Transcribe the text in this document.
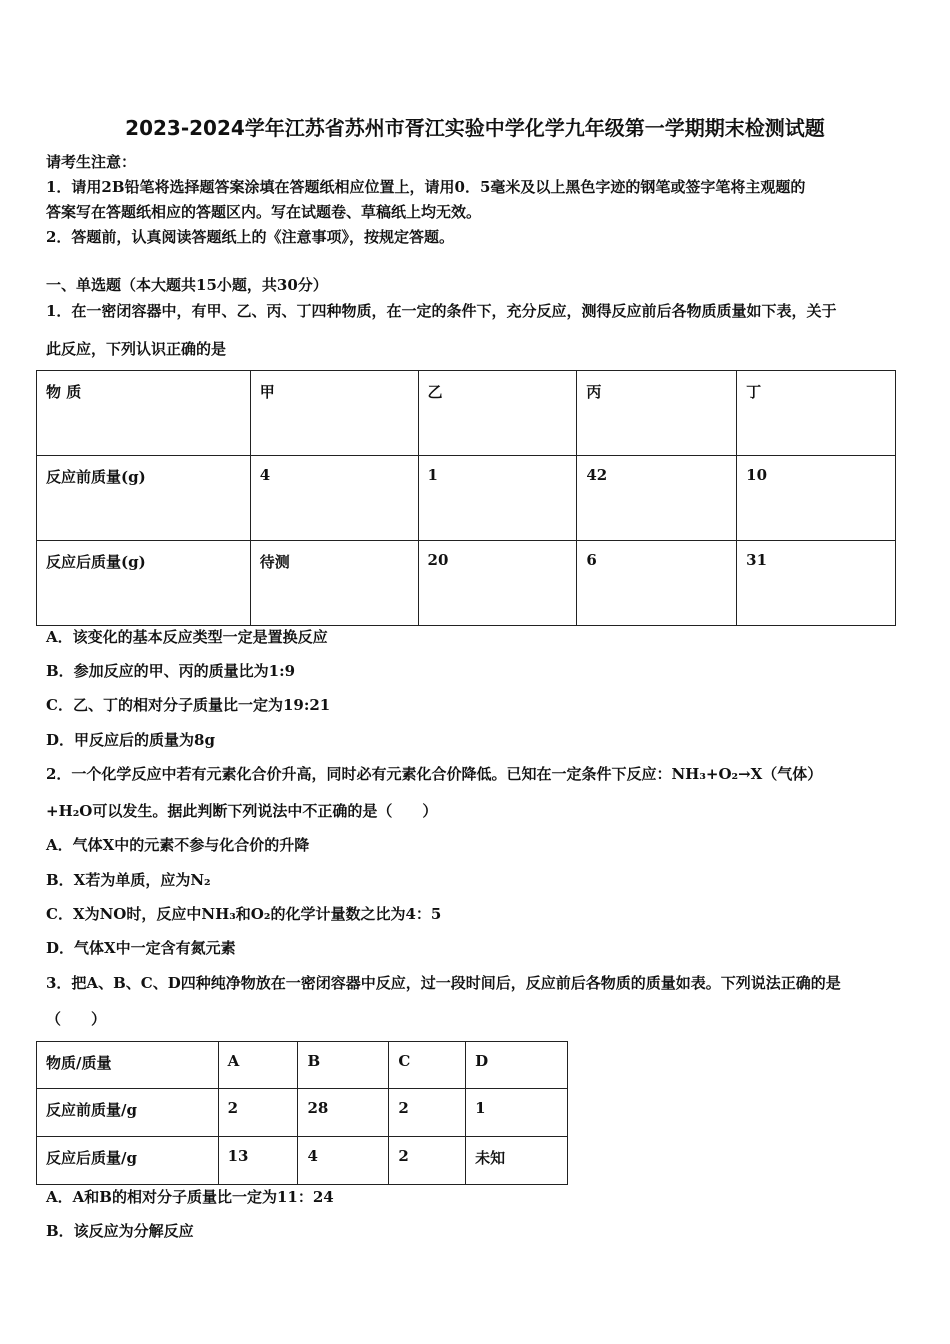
2023-2024学年江苏省苏州市胥江实验中学化学九年级第一学期期末检测试题
请考生注意：
1．请用2B铅笔将选择题答案涂填在答题纸相应位置上，请用0．5毫米及以上黑色字迹的钢笔或签字笔将主观题的
答案写在答题纸相应的答题区内。写在试题卷、草稿纸上均无效。
2．答题前，认真阅读答题纸上的《注意事项》，按规定答题。
一、单选题（本大题共15小题，共30分）
1．在一密闭容器中，有甲、乙、丙、丁四种物质，在一定的条件下，充分反应，测得反应前后各物质质量如下表，关于
此反应，下列认识正确的是
物 质	甲	乙	丙	丁
反应前质量(g)	4	1	42	10
反应后质量(g)	待测	20	6	31
A．该变化的基本反应类型一定是置换反应
B．参加反应的甲、丙的质量比为1:9
C．乙、丁的相对分子质量比一定为19:21
D．甲反应后的质量为8g
2．一个化学反应中若有元素化合价升高，同时必有元素化合价降低。已知在一定条件下反应：NH₃+O₂→X（气体）
+H₂O可以发生。据此判断下列说法中不正确的是（　　）
A．气体X中的元素不参与化合价的升降
B．X若为单质，应为N₂
C．X为NO时，反应中NH₃和O₂的化学计量数之比为4：5
D．气体X中一定含有氮元素
3．把A、B、C、D四种纯净物放在一密闭容器中反应，过一段时间后，反应前后各物质的质量如表。下列说法正确的是
（　　）
物质/质量	A	B	C	D
反应前质量/g	2	28	2	1
反应后质量/g	13	4	2	未知
A．A和B的相对分子质量比一定为11：24
B．该反应为分解反应
